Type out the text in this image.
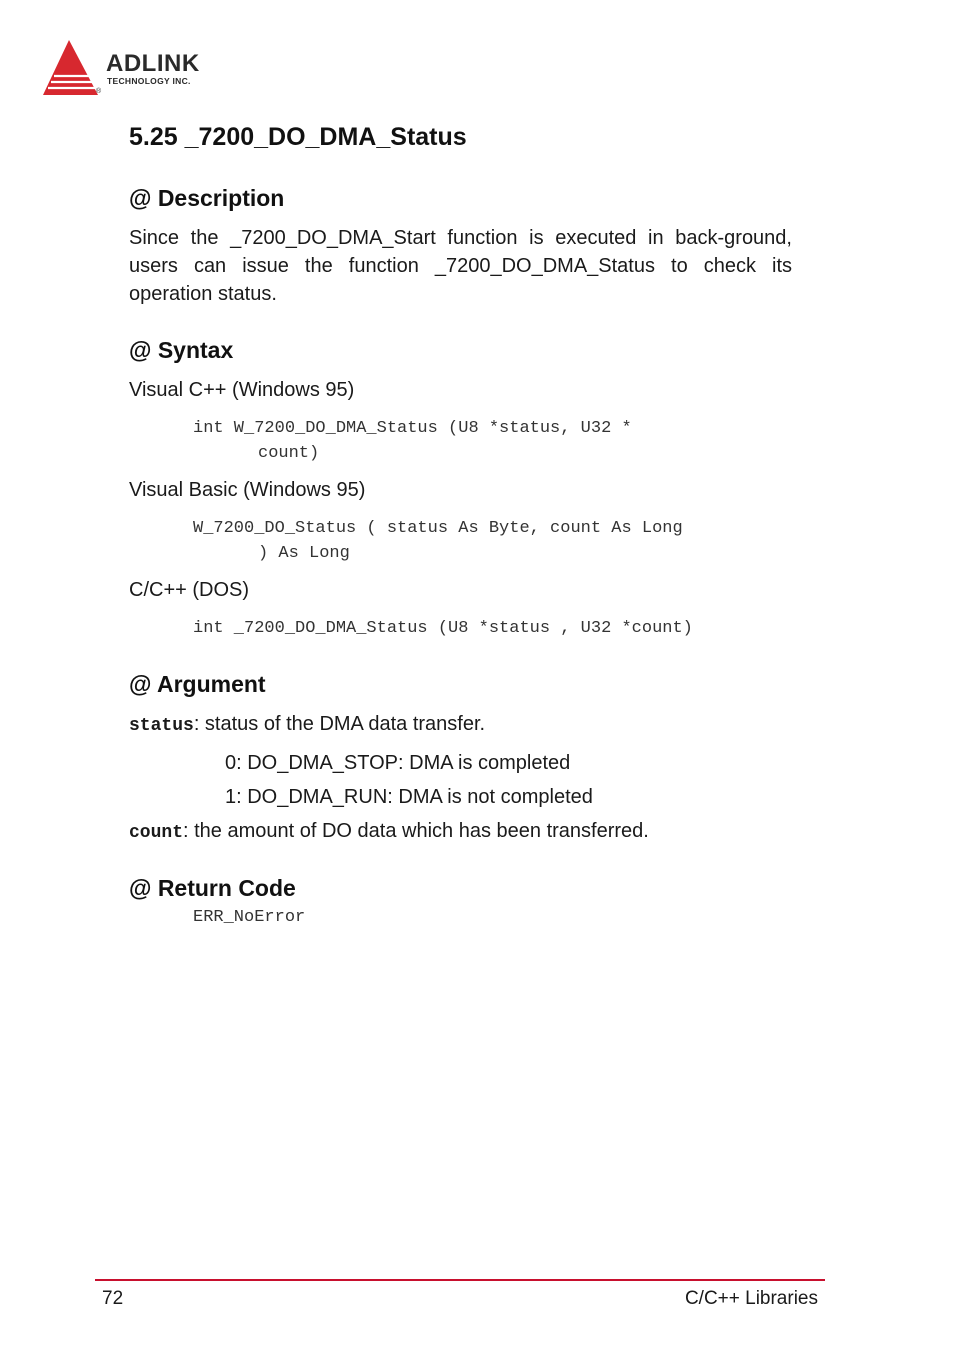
ADLINK
TECHNOLOGY INC.
®
5.25 _7200_DO_DMA_Status
@ Description
Since the _7200_DO_DMA_Start function is executed in back-ground, users can issue the function _7200_DO_DMA_Status to check its operation status.
@ Syntax
Visual C++ (Windows 95)
int W_7200_DO_DMA_Status (U8 *status, U32 *
count)
Visual Basic (Windows 95)
W_7200_DO_Status ( status As Byte, count As Long
) As Long
C/C++ (DOS)
int _7200_DO_DMA_Status (U8 *status , U32 *count)
@ Argument
status: status of the DMA data transfer.
0: DO_DMA_STOP: DMA is completed
1: DO_DMA_RUN: DMA is not completed
count: the amount of DO data which has been transferred.
@ Return Code
ERR_NoError
72	C/C++ Libraries
